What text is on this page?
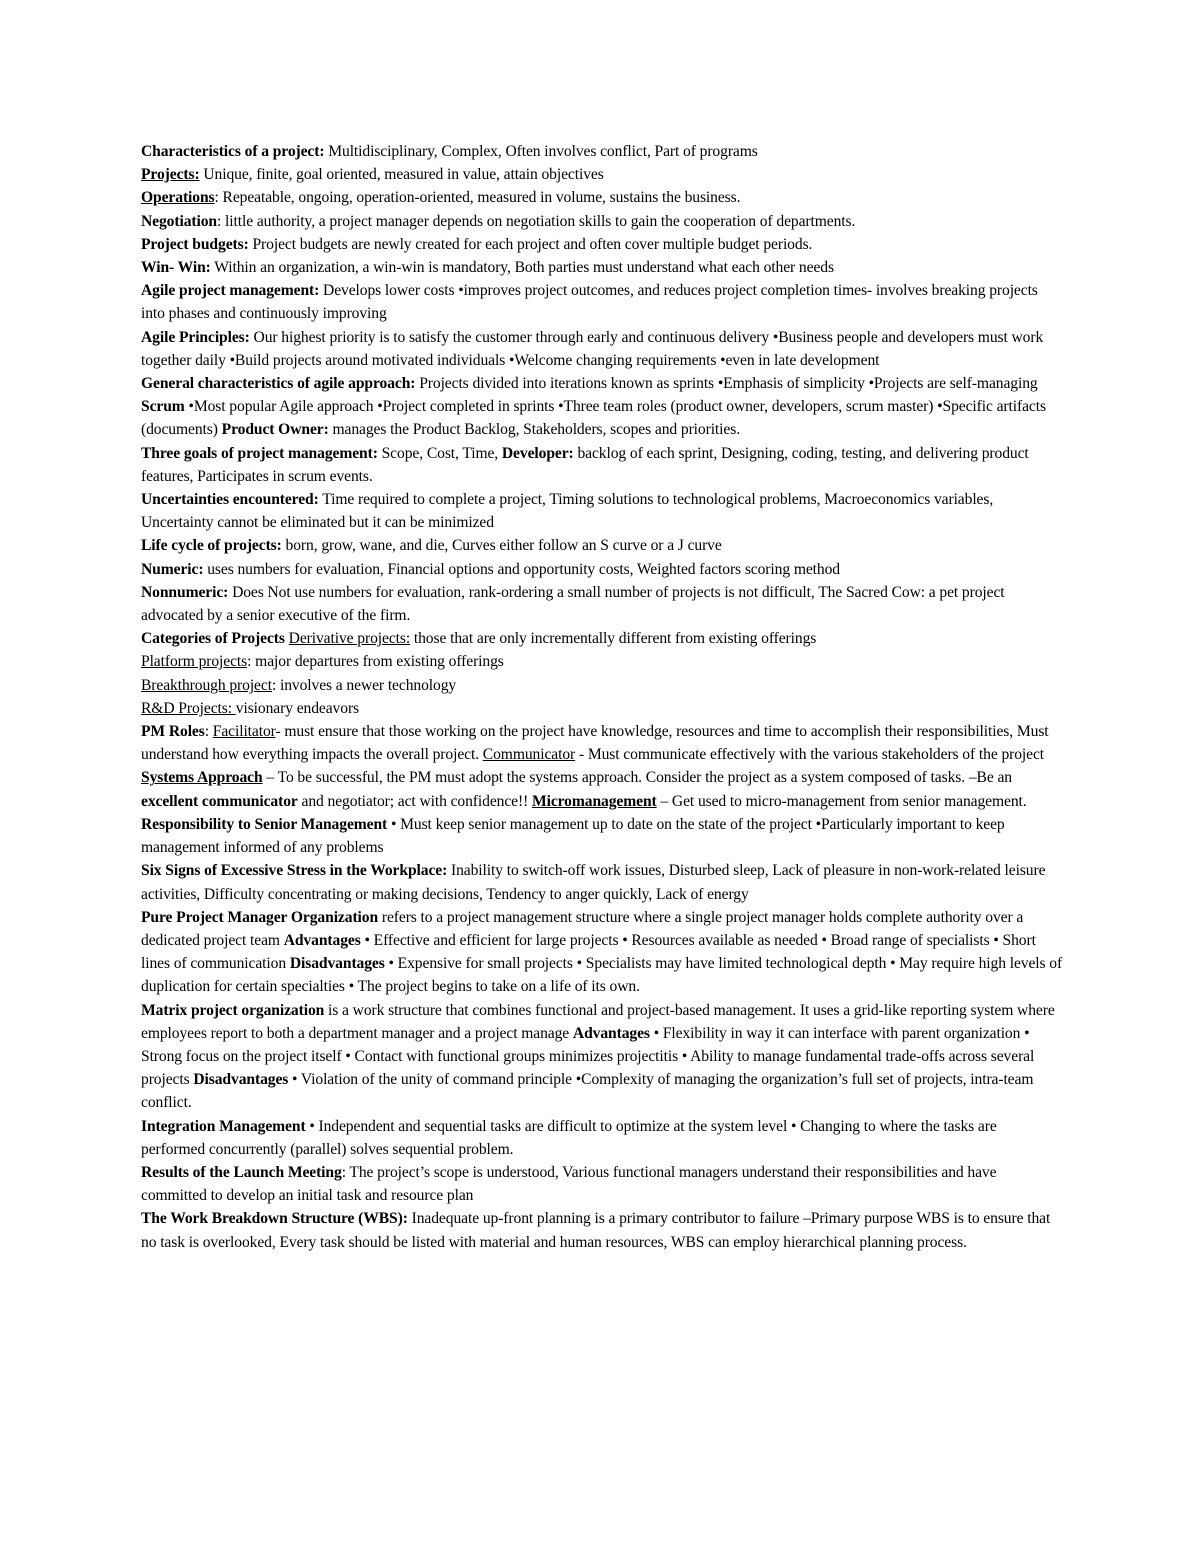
Characteristics of a project: Multidisciplinary, Complex, Often involves conflict, Part of programs

Projects: Unique, finite, goal oriented, measured in value, attain objectives

Operations: Repeatable, ongoing, operation-oriented, measured in volume, sustains the business.

Negotiation: little authority, a project manager depends on negotiation skills to gain the cooperation of departments.

Project budgets: Project budgets are newly created for each project and often cover multiple budget periods.

Win- Win: Within an organization, a win-win is mandatory, Both parties must understand what each other needs

Agile project management: Develops lower costs •improves project outcomes, and reduces project completion times- involves breaking projects into phases and continuously improving

Agile Principles: Our highest priority is to satisfy the customer through early and continuous delivery •Business people and developers must work together daily •Build projects around motivated individuals •Welcome changing requirements •even in late development

General characteristics of agile approach: Projects divided into iterations known as sprints •Emphasis of simplicity •Projects are self-managing

Scrum •Most popular Agile approach •Project completed in sprints •Three team roles (product owner, developers, scrum master) •Specific artifacts (documents) Product Owner: manages the Product Backlog, Stakeholders, scopes and priorities.

Three goals of project management: Scope, Cost, Time, Developer: backlog of each sprint, Designing, coding, testing, and delivering product features, Participates in scrum events.

Uncertainties encountered: Time required to complete a project, Timing solutions to technological problems, Macroeconomics variables, Uncertainty cannot be eliminated but it can be minimized

Life cycle of projects: born, grow, wane, and die, Curves either follow an S curve or a J curve

Numeric: uses numbers for evaluation, Financial options and opportunity costs, Weighted factors scoring method

Nonnumeric: Does Not use numbers for evaluation, rank-ordering a small number of projects is not difficult, The Sacred Cow: a pet project advocated by a senior executive of the firm.

Categories of Projects Derivative projects: those that are only incrementally different from existing offerings

Platform projects: major departures from existing offerings

Breakthrough project: involves a newer technology

R&D Projects: visionary endeavors

PM Roles: Facilitator- must ensure that those working on the project have knowledge, resources and time to accomplish their responsibilities, Must understand how everything impacts the overall project. Communicator - Must communicate effectively with the various stakeholders of the project

Systems Approach – To be successful, the PM must adopt the systems approach. Consider the project as a system composed of tasks. –Be an excellent communicator and negotiator; act with confidence!! Micromanagement – Get used to micro-management from senior management.

Responsibility to Senior Management • Must keep senior management up to date on the state of the project •Particularly important to keep management informed of any problems

Six Signs of Excessive Stress in the Workplace: Inability to switch-off work issues, Disturbed sleep, Lack of pleasure in non-work-related leisure activities, Difficulty concentrating or making decisions, Tendency to anger quickly, Lack of energy

Pure Project Manager Organization refers to a project management structure where a single project manager holds complete authority over a dedicated project team Advantages • Effective and efficient for large projects • Resources available as needed • Broad range of specialists • Short lines of communication Disadvantages • Expensive for small projects • Specialists may have limited technological depth • May require high levels of duplication for certain specialties • The project begins to take on a life of its own.

Matrix project organization is a work structure that combines functional and project-based management. It uses a grid-like reporting system where employees report to both a department manager and a project manage Advantages • Flexibility in way it can interface with parent organization • Strong focus on the project itself • Contact with functional groups minimizes projectitis • Ability to manage fundamental trade-offs across several projects Disadvantages • Violation of the unity of command principle •Complexity of managing the organization’s full set of projects, intra-team conflict.

Integration Management • Independent and sequential tasks are difficult to optimize at the system level • Changing to where the tasks are performed concurrently (parallel) solves sequential problem.

Results of the Launch Meeting: The project’s scope is understood, Various functional managers understand their responsibilities and have committed to develop an initial task and resource plan

The Work Breakdown Structure (WBS): Inadequate up-front planning is a primary contributor to failure –Primary purpose WBS is to ensure that no task is overlooked, Every task should be listed with material and human resources, WBS can employ hierarchical planning process.
